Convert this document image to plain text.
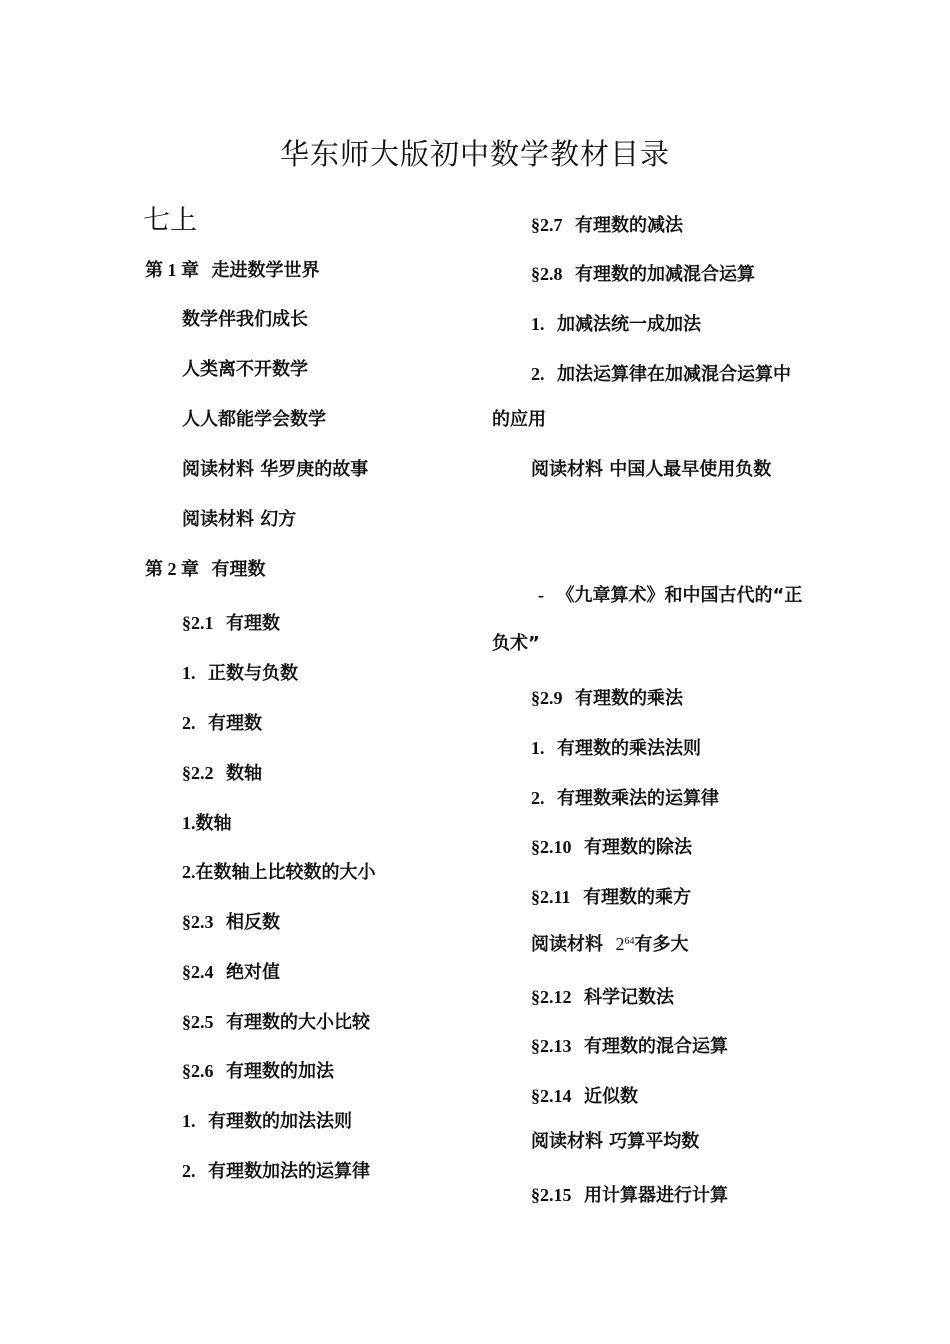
华东师大版初中数学教材目录
七上
第 1 章 走进数学世界
数学伴我们成长
人类离不开数学
人人都能学会数学
阅读材料 华罗庚的故事
阅读材料 幻方
第 2 章 有理数
§2.1 有理数
1. 正数与负数
2. 有理数
§2.2 数轴
1.数轴
2.在数轴上比较数的大小
§2.3 相反数
§2.4 绝对值
§2.5 有理数的大小比较
§2.6 有理数的加法
1. 有理数的加法法则
2. 有理数加法的运算律
§2.7 有理数的减法
§2.8 有理数的加减混合运算
1. 加减法统一成加法
2. 加法运算律在加减混合运算中
的应用
阅读材料 中国人最早使用负数
- 《九章算术》和中国古代的“正
负术”
§2.9 有理数的乘法
1. 有理数的乘法法则
2. 有理数乘法的运算律
§2.10 有理数的除法
§2.11 有理数的乘方
阅读材料 $2^{64}$有多大
§2.12 科学记数法
§2.13 有理数的混合运算
§2.14 近似数
阅读材料 巧算平均数
§2.15 用计算器进行计算
